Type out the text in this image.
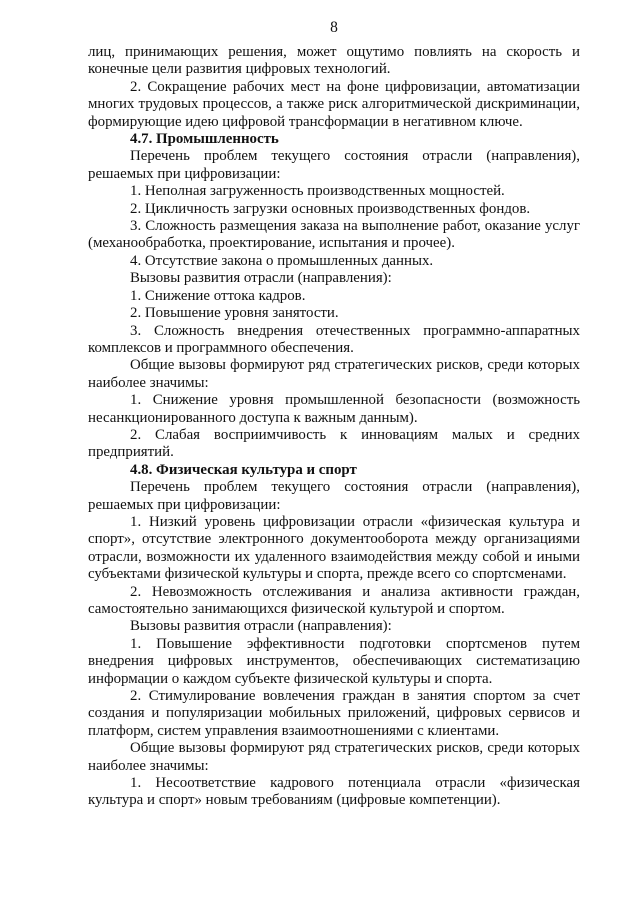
8

лиц, принимающих решения, может ощутимо повлиять на скорость и конечные цели развития цифровых технологий.

2. Сокращение рабочих мест на фоне цифровизации, автоматизации многих трудовых процессов, а также риск алгоритмической дискриминации, формирующие идею цифровой трансформации в негативном ключе.

4.7. Промышленность

Перечень проблем текущего состояния отрасли (направления), решаемых при цифровизации:

1. Неполная загруженность производственных мощностей.

2. Цикличность загрузки основных производственных фондов.

3. Сложность размещения заказа на выполнение работ, оказание услуг (механообработка, проектирование, испытания и прочее).

4. Отсутствие закона о промышленных данных.

Вызовы развития отрасли (направления):

1. Снижение оттока кадров.

2. Повышение уровня занятости.

3. Сложность внедрения отечественных программно-аппаратных комплексов и программного обеспечения.

Общие вызовы формируют ряд стратегических рисков, среди которых наиболее значимы:

1. Снижение уровня промышленной безопасности (возможность несанкционированного доступа к важным данным).

2. Слабая восприимчивость к инновациям малых и средних предприятий.

4.8. Физическая культура и спорт

Перечень проблем текущего состояния отрасли (направления), решаемых при цифровизации:

1. Низкий уровень цифровизации отрасли «физическая культура и спорт», отсутствие электронного документооборота между организациями отрасли, возможности их удаленного взаимодействия между собой и иными субъектами физической культуры и спорта, прежде всего со спортсменами.

2. Невозможность отслеживания и анализа активности граждан, самостоятельно занимающихся физической культурой и спортом.

Вызовы развития отрасли (направления):

1. Повышение эффективности подготовки спортсменов путем внедрения цифровых инструментов, обеспечивающих систематизацию информации о каждом субъекте физической культуры и спорта.

2. Стимулирование вовлечения граждан в занятия спортом за счет создания и популяризации мобильных приложений, цифровых сервисов и платформ, систем управления взаимоотношениями с клиентами.

Общие вызовы формируют ряд стратегических рисков, среди которых наиболее значимы:

1. Несоответствие кадрового потенциала отрасли «физическая культура и спорт» новым требованиям (цифровые компетенции).
